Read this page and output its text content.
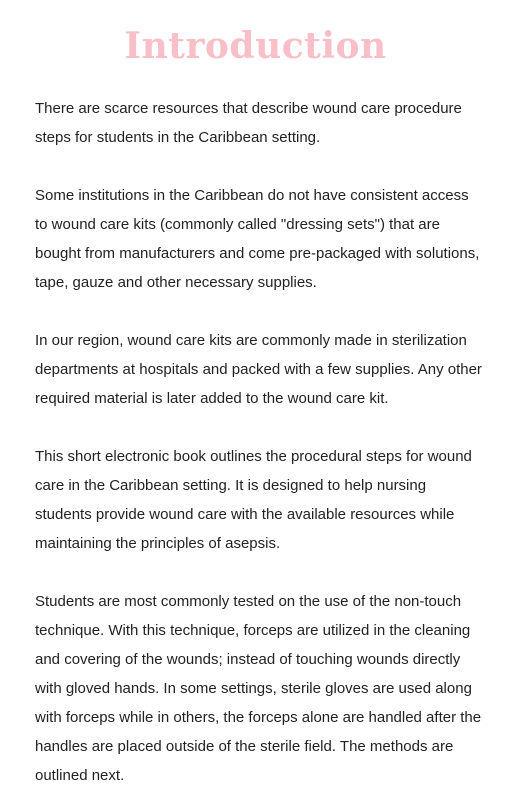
Introduction

There are scarce resources that describe wound care procedure steps for students in the Caribbean setting.

Some institutions in the Caribbean do not have consistent access to wound care kits (commonly called "dressing sets") that are bought from manufacturers and come pre-packaged with solutions, tape, gauze and other necessary supplies.

In our region, wound care kits are commonly made in sterilization departments at hospitals and packed with a few supplies. Any other required material is later added to the wound care kit.

This short electronic book outlines the procedural steps for wound care in the Caribbean setting. It is designed to help nursing students provide wound care with the available resources while maintaining the principles of asepsis.

Students are most commonly tested on the use of the non-touch technique. With this technique, forceps are utilized in the cleaning and covering of the wounds; instead of touching wounds directly with gloved hands. In some settings, sterile gloves are used along with forceps while in others, the forceps alone are handled after the handles are placed outside of the sterile field. The methods are outlined next.
